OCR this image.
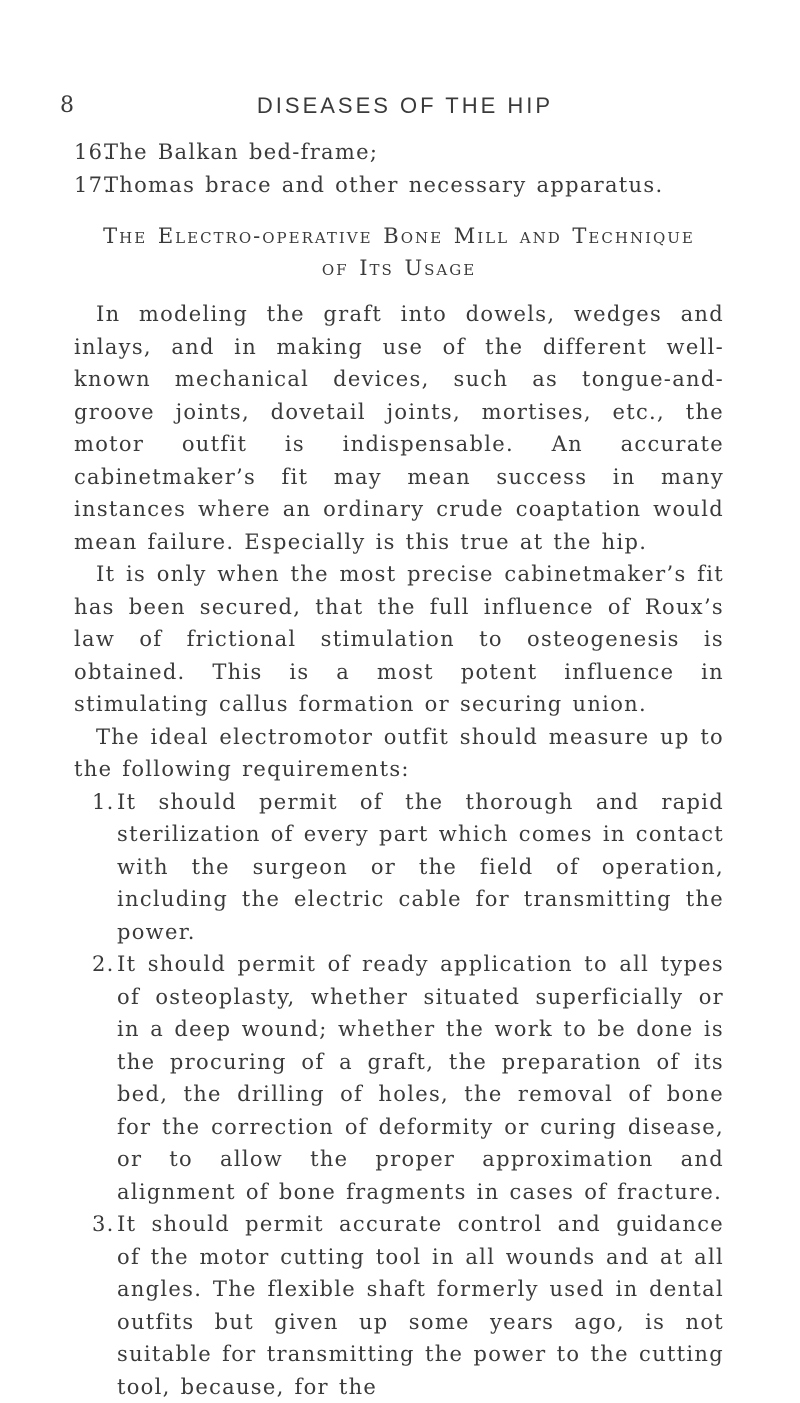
8	DISEASES OF THE HIP
16. The Balkan bed-frame;
17. Thomas brace and other necessary apparatus.
The Electro-operative Bone Mill and Technique
of Its Usage

In modeling the graft into dowels, wedges and inlays, and in making use of the different well-known mechanical devices, such as tongue-and-groove joints, dovetail joints, mortises, etc., the motor outfit is indispensable. An accurate cabinetmaker’s fit may mean success in many instances where an ordinary crude coaptation would mean failure. Especially is this true at the hip.

It is only when the most precise cabinetmaker’s fit has been secured, that the full influence of Roux’s law of frictional stimulation to osteogenesis is obtained. This is a most potent influence in stimulating callus formation or securing union.

The ideal electromotor outfit should measure up to the following requirements:

1. It should permit of the thorough and rapid sterilization of every part which comes in contact with the surgeon or the field of operation, including the electric cable for transmitting the power.
2. It should permit of ready application to all types of osteoplasty, whether situated superficially or in a deep wound; whether the work to be done is the procuring of a graft, the preparation of its bed, the drilling of holes, the removal of bone for the correction of deformity or curing disease, or to allow the proper approximation and alignment of bone fragments in cases of fracture.
3. It should permit accurate control and guidance of the motor cutting tool in all wounds and at all angles. The flexible shaft formerly used in dental outfits but given up some years ago, is not suitable for transmitting the power to the cutting tool, because, for the
